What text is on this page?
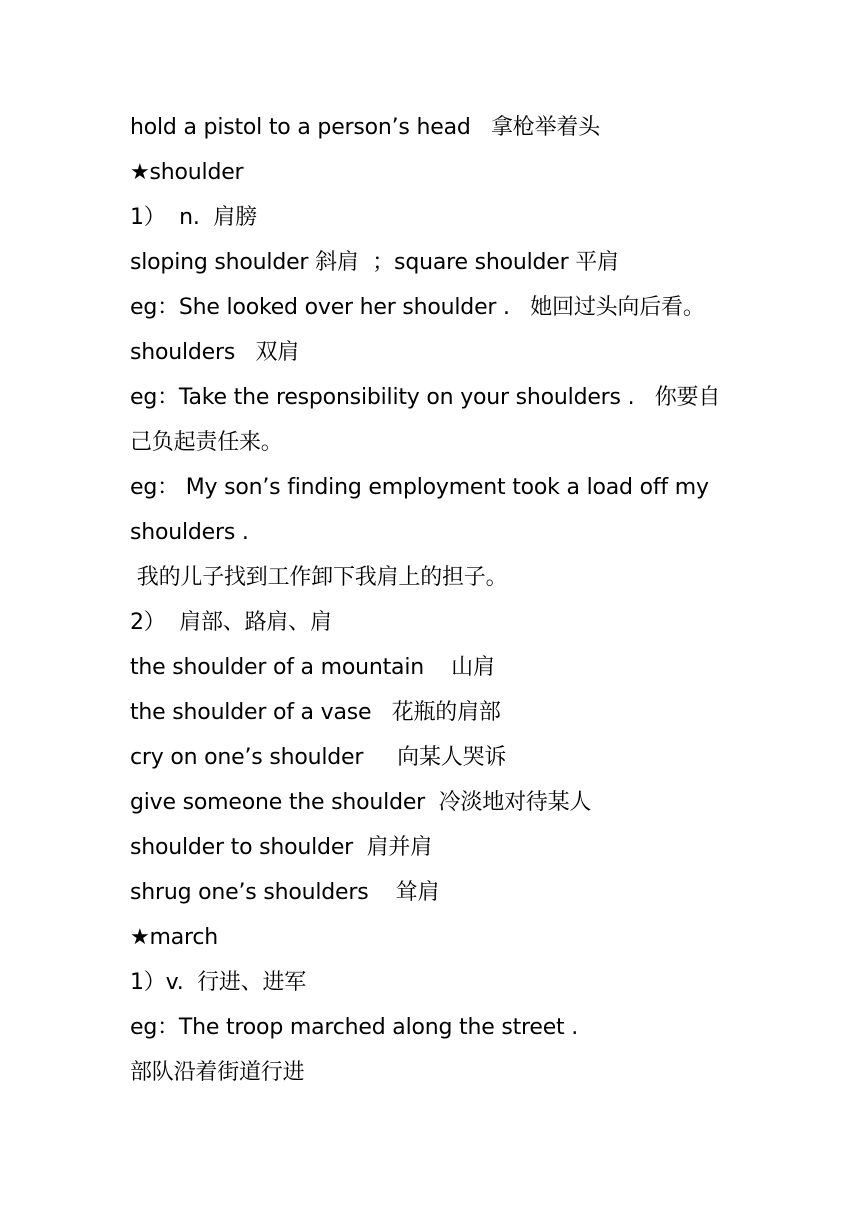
hold a pistol to a person’s head   拿枪举着头
★shoulder
1）  n.  肩膀
sloping shoulder 斜肩  ；square shoulder 平肩
eg：She looked over her shoulder .   她回过头向后看。
shoulders   双肩
eg：Take the responsibility on your shoulders .   你要自
己负起责任来。
eg： My son’s finding employment took a load off my
shoulders .
我的儿子找到工作卸下我肩上的担子。
2）  肩部、路肩、肩
the shoulder of a mountain    山肩
the shoulder of a vase   花瓶的肩部
cry on one’s shoulder     向某人哭诉
give someone the shoulder  冷淡地对待某人
shoulder to shoulder  肩并肩
shrug one’s shoulders    耸肩
★march
1）v.  行进、进军
eg：The troop marched along the street .
部队沿着街道行进
